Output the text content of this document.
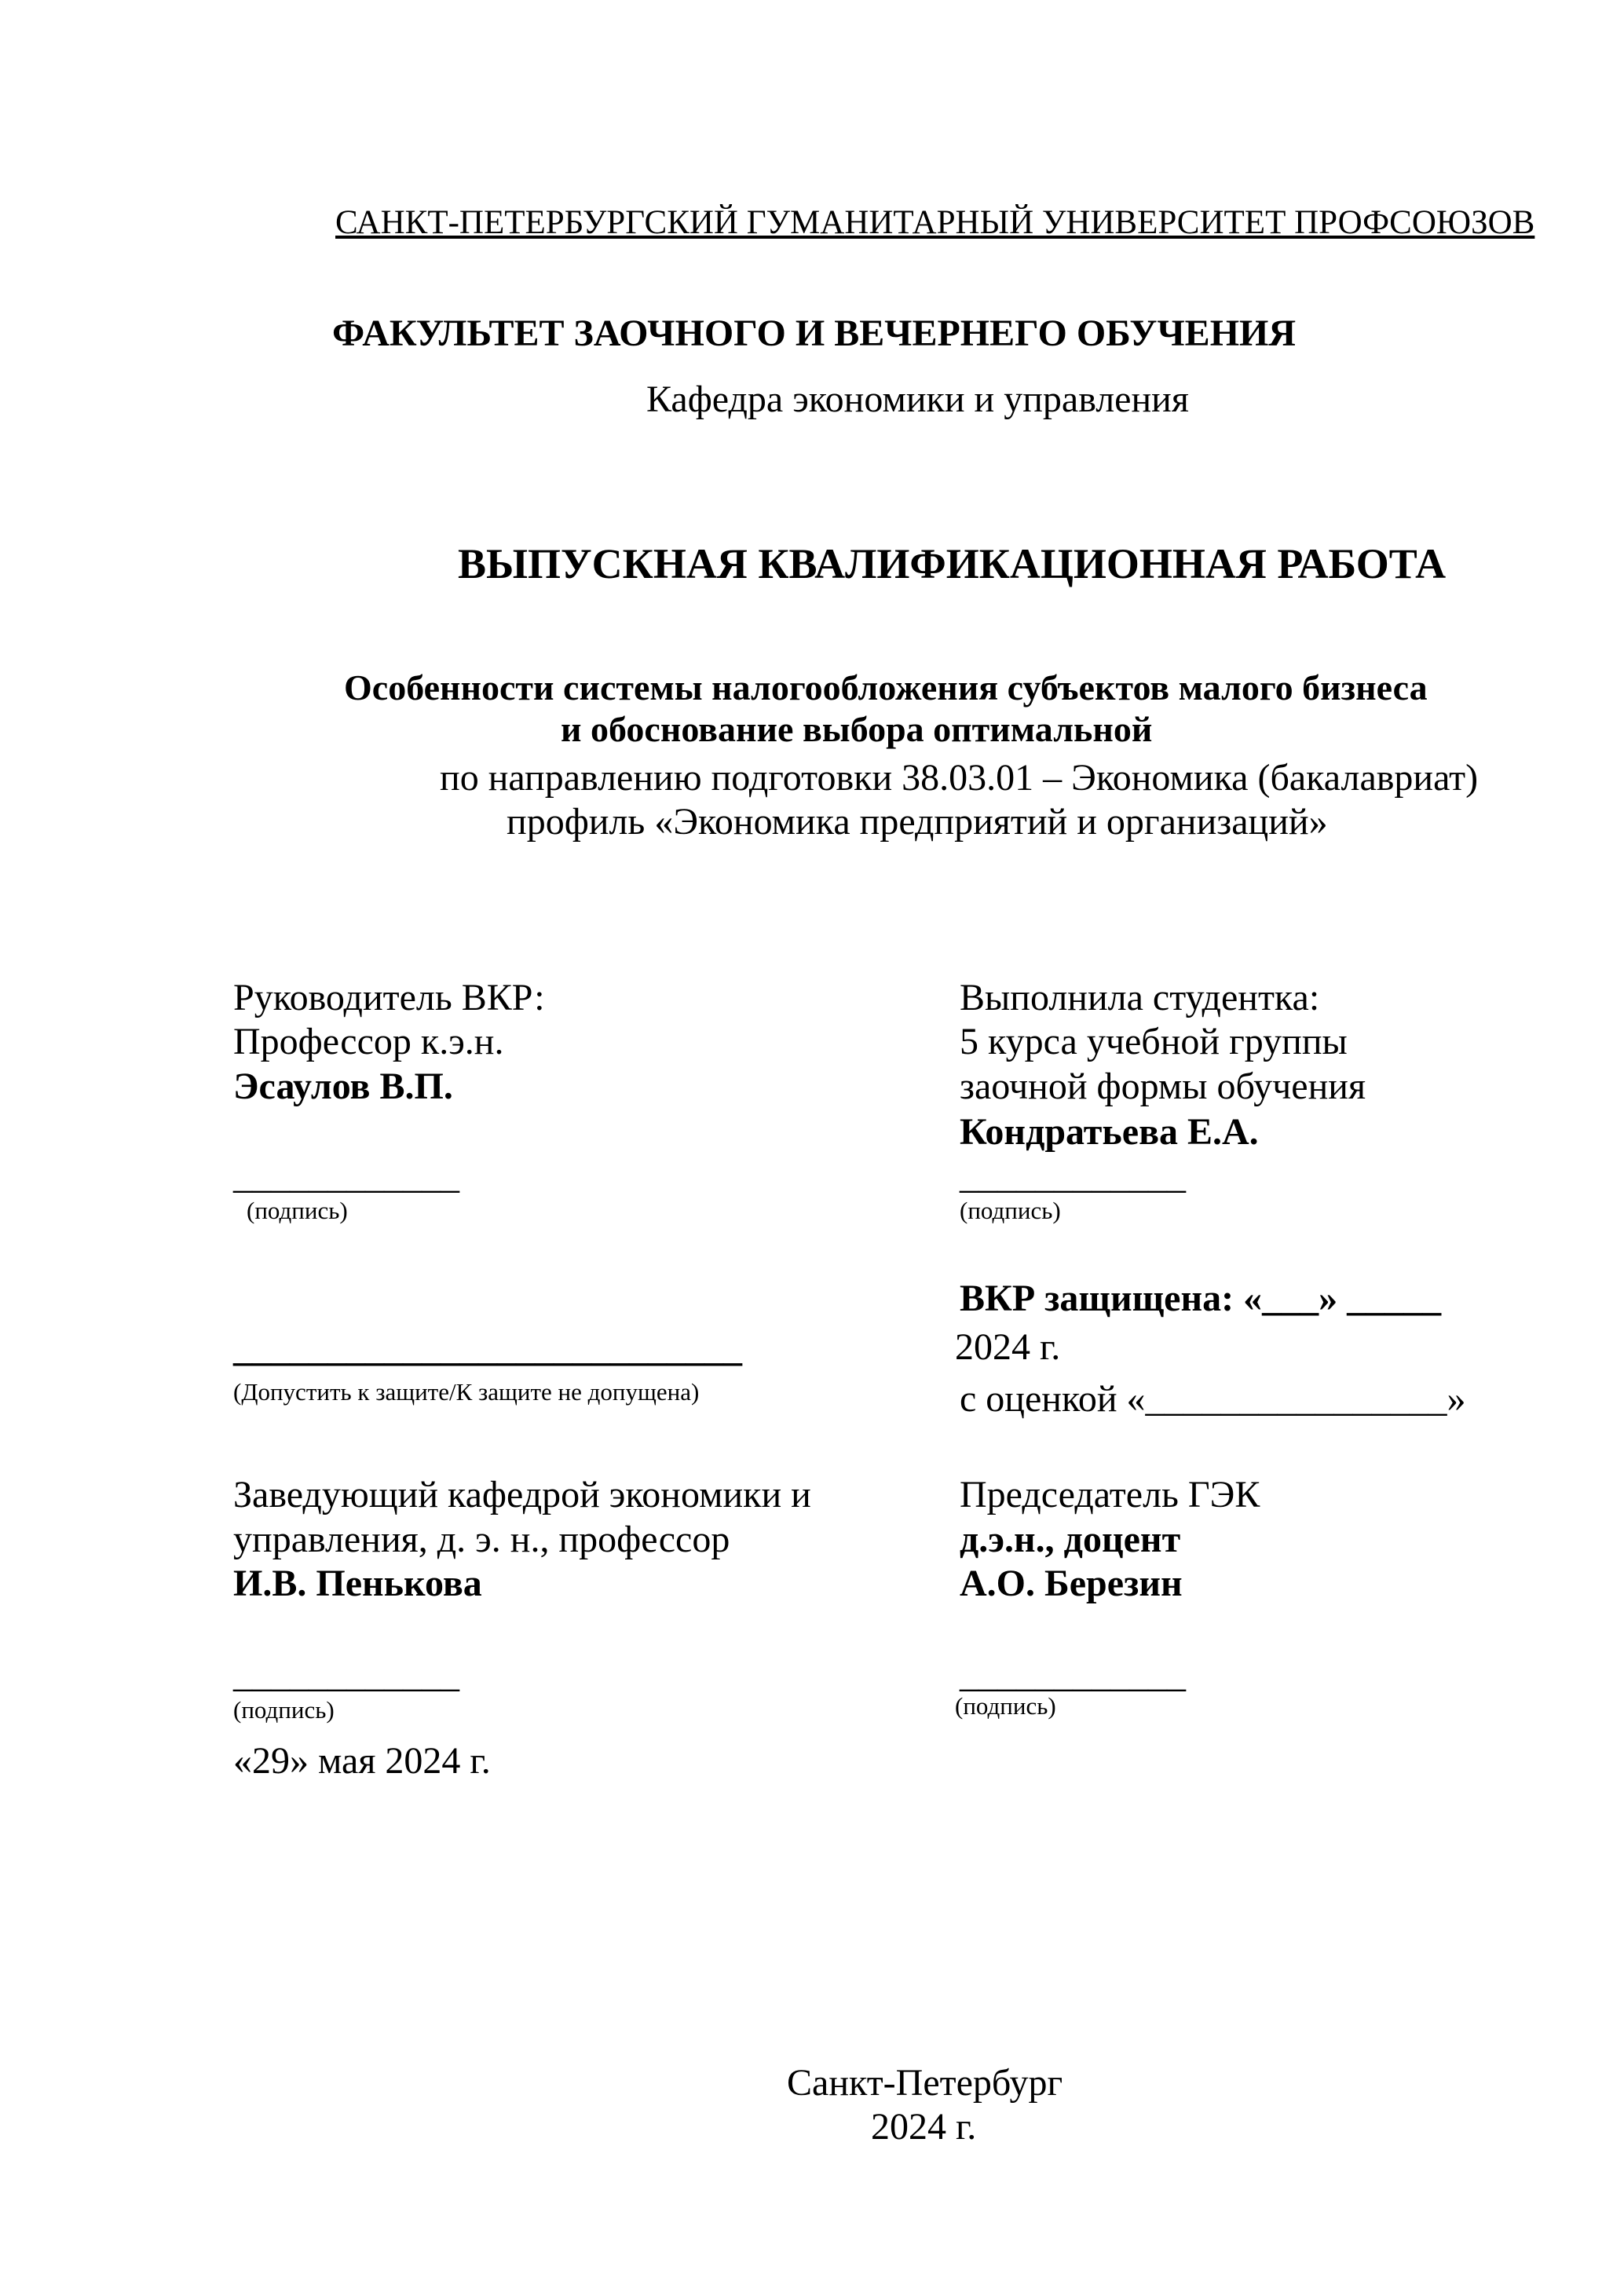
САНКТ-ПЕТЕРБУРГСКИЙ ГУМАНИТАРНЫЙ УНИВЕРСИТЕТ ПРОФСОЮЗОВ
ФАКУЛЬТЕТ ЗАОЧНОГО И ВЕЧЕРНЕГО ОБУЧЕНИЯ
Кафедра экономики и управления
ВЫПУСКНАЯ КВАЛИФИКАЦИОННАЯ РАБОТА
Особенности системы налогообложения субъектов малого бизнеса
и обоснование выбора оптимальной
по направлению подготовки 38.03.01 – Экономика (бакалавриат)
профиль «Экономика предприятий и организаций»
Руководитель ВКР:
Профессор к.э.н.
Эсаулов В.П.
____________
(подпись)
Выполнила студентка:
5 курса учебной группы
заочной формы обучения
Кондратьева Е.А.
____________
(подпись)
ВКР защищена: «___» _____
2024 г.
с оценкой «________________»
___________________________
(Допустить к защите/К защите не допущена)
Заведующий кафедрой экономики и
управления, д. э. н., профессор
И.В. Пенькова
____________
(подпись)
«29» мая 2024 г.
Председатель ГЭК
д.э.н., доцент
А.О. Березин
____________
(подпись)
Санкт-Петербург
2024 г.
